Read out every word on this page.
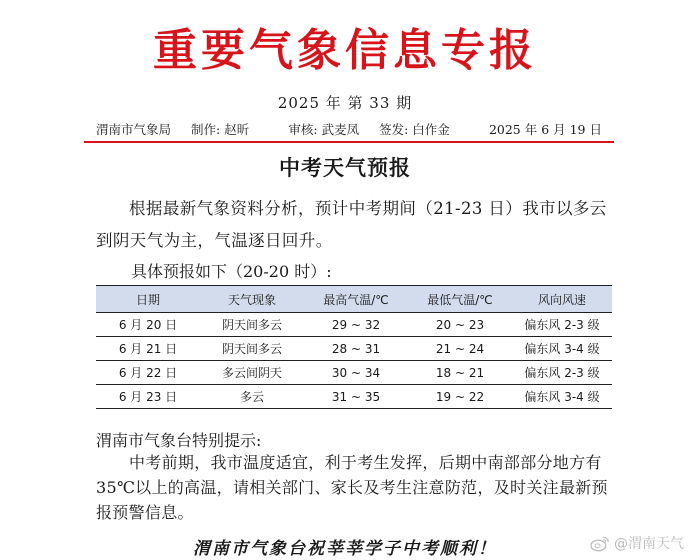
重要气象信息专报
2025 年 第 33 期
渭南市气象局 制作: 赵昕	审核: 武麦凤 签发: 白作金	2025 年 6 月 19 日
中考天气预报
根据最新气象资料分析，预计中考期间（21-23 日）我市以多云到阴天气为主，气温逐日回升。
具体预报如下（20-20 时）:
日期	天气现象	最高气温/℃	最低气温/℃	风向风速
6 月 20 日	阴天间多云	29 ~ 32	20 ~ 23	偏东风 2-3 级
6 月 21 日	阴天间多云	28 ~ 31	21 ~ 24	偏东风 3-4 级
6 月 22 日	多云间阴天	30 ~ 34	18 ~ 21	偏东风 2-3 级
6 月 23 日	多云	31 ~ 35	19 ~ 22	偏东风 3-4 级
渭南市气象台特别提示:
中考前期，我市温度适宜，利于考生发挥，后期中南部部分地方有 35℃以上的高温，请相关部门、家长及考生注意防范，及时关注最新预报预警信息。
渭南市气象台祝莘莘学子中考顺利！	@渭南天气
